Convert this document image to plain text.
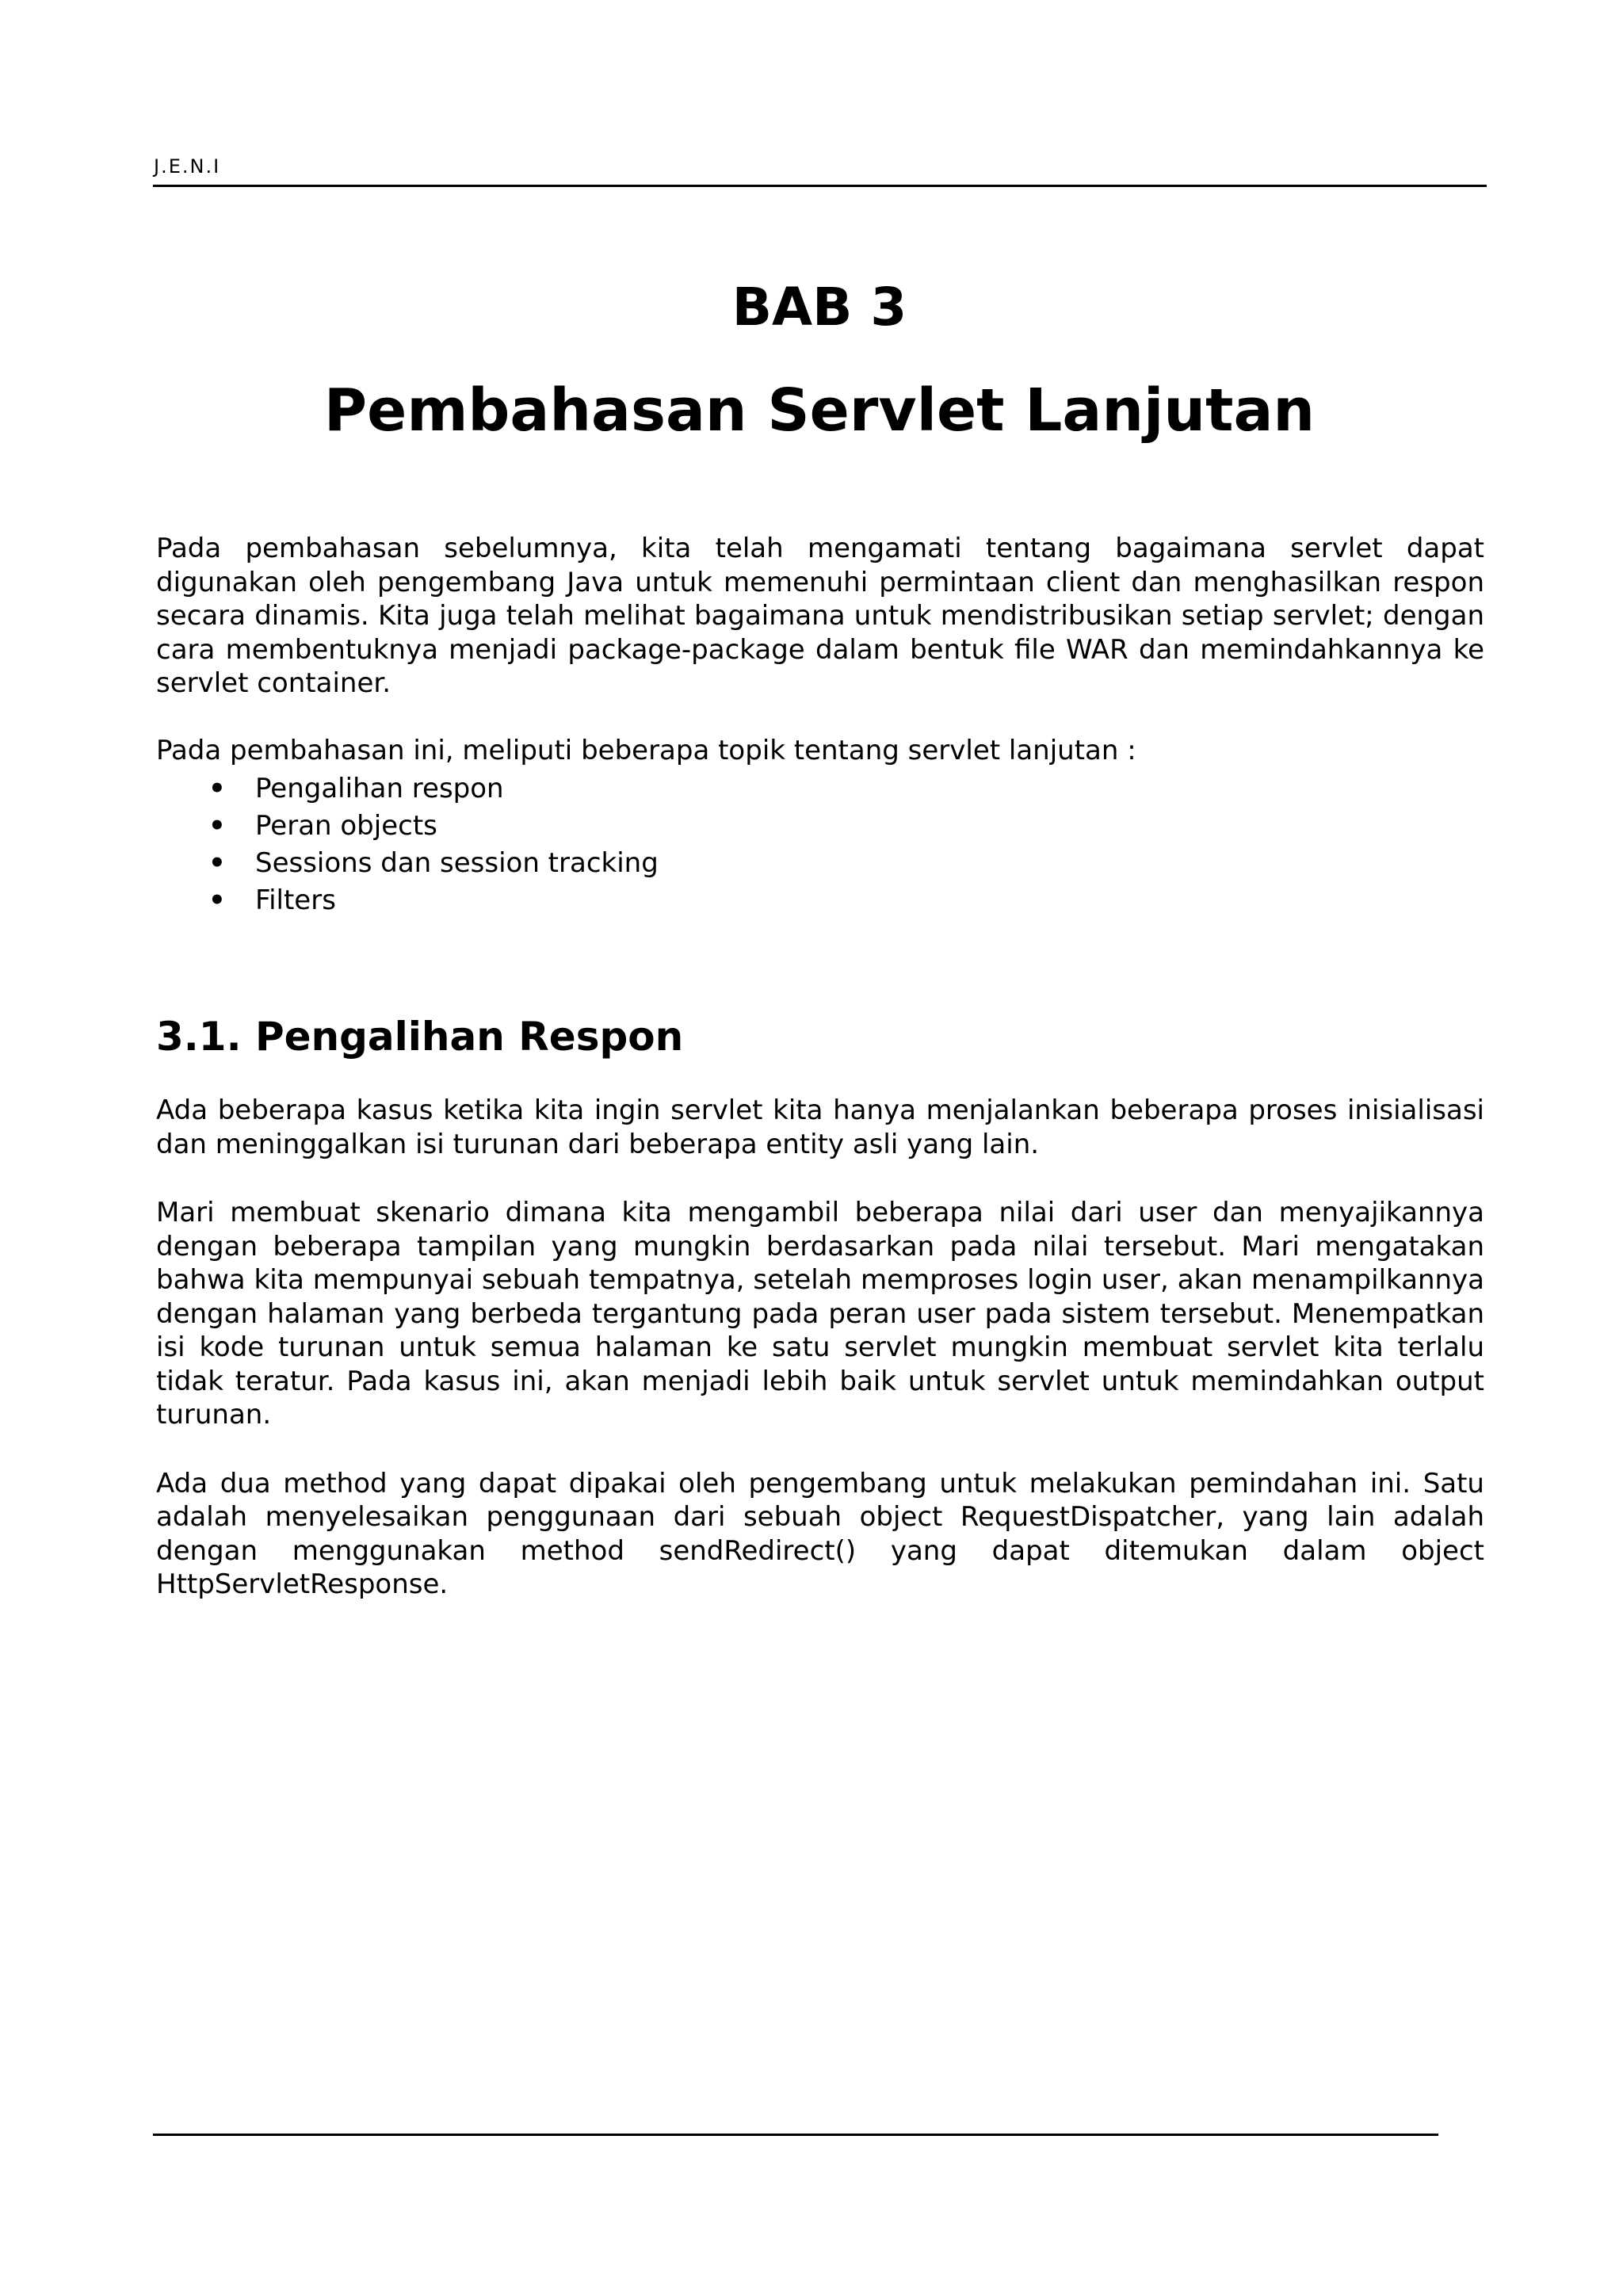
J.E.N.I
BAB 3
Pembahasan Servlet Lanjutan

Pada pembahasan sebelumnya, kita telah mengamati tentang bagaimana servlet dapat digunakan oleh pengembang Java untuk memenuhi permintaan client dan menghasilkan respon secara dinamis. Kita juga telah melihat bagaimana untuk mendistribusikan setiap servlet; dengan cara membentuknya menjadi package-package dalam bentuk file WAR dan memindahkannya ke servlet container.

Pada pembahasan ini, meliputi beberapa topik tentang servlet lanjutan :

• Pengalihan respon
• Peran objects
• Sessions dan session tracking
• Filters
3.1. Pengalihan Respon

Ada beberapa kasus ketika kita ingin servlet kita hanya menjalankan beberapa proses inisialisasi dan meninggalkan isi turunan dari beberapa entity asli yang lain.

Mari membuat skenario dimana kita mengambil beberapa nilai dari user dan menyajikannya dengan beberapa tampilan yang mungkin berdasarkan pada nilai tersebut. Mari mengatakan bahwa kita mempunyai sebuah tempatnya, setelah memproses login user, akan menampilkannya dengan halaman yang berbeda tergantung pada peran user pada sistem tersebut. Menempatkan isi kode turunan untuk semua halaman ke satu servlet mungkin membuat servlet kita terlalu tidak teratur. Pada kasus ini, akan menjadi lebih baik untuk servlet untuk memindahkan output turunan.

Ada dua method yang dapat dipakai oleh pengembang untuk melakukan pemindahan ini. Satu adalah menyelesaikan penggunaan dari sebuah object RequestDispatcher, yang lain adalah dengan menggunakan method sendRedirect() yang dapat ditemukan dalam object HttpServletResponse.
